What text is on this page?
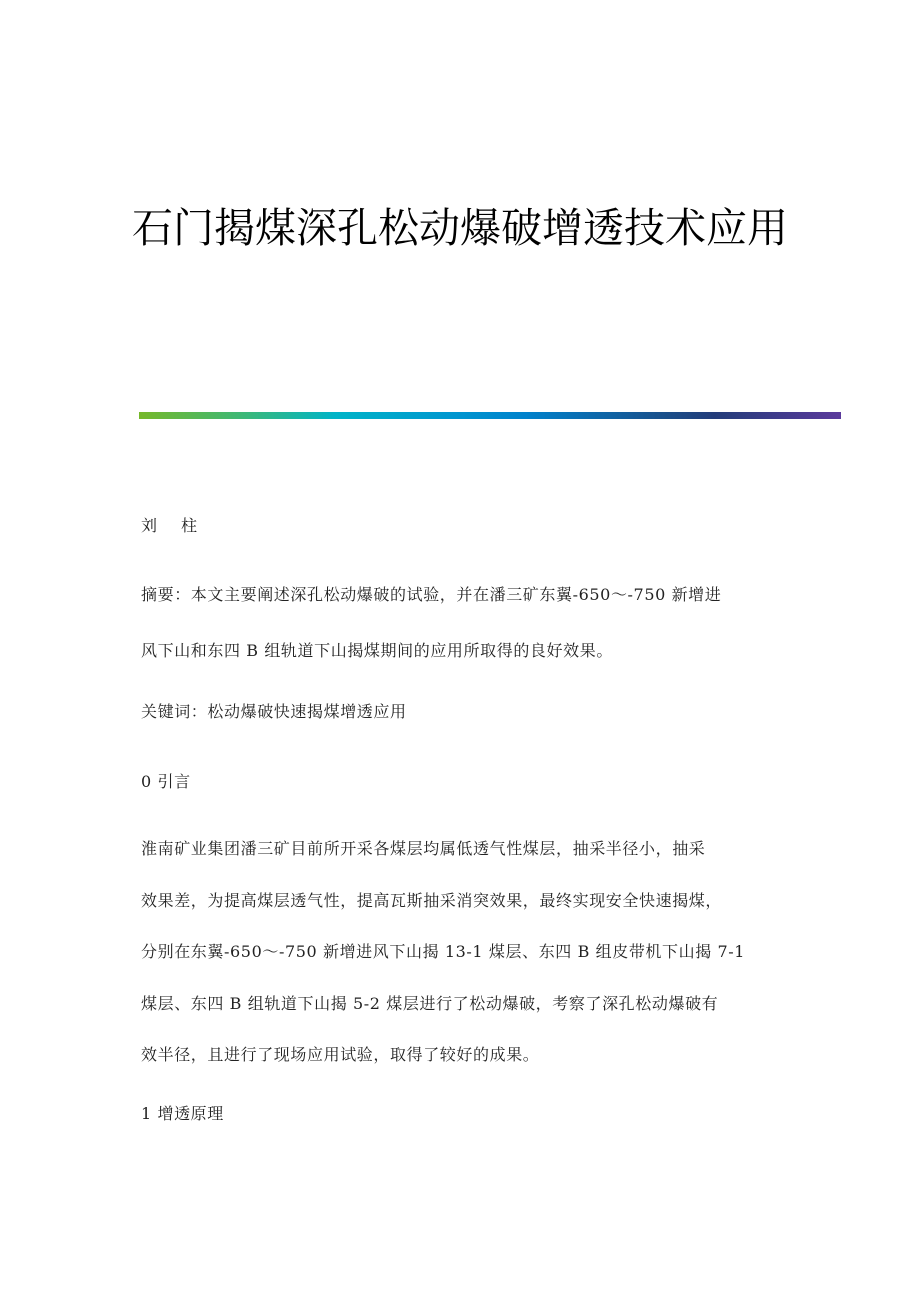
石门揭煤深孔松动爆破增透技术应用
刘 柱
摘要：本文主要阐述深孔松动爆破的试验，并在潘三矿东翼-650～-750 新增进
风下山和东四 B 组轨道下山揭煤期间的应用所取得的良好效果。
关键词：松动爆破快速揭煤增透应用
0 引言
淮南矿业集团潘三矿目前所开采各煤层均属低透气性煤层，抽采半径小，抽采
效果差，为提高煤层透气性，提高瓦斯抽采消突效果，最终实现安全快速揭煤，
分别在东翼-650～-750 新增进风下山揭 13-1 煤层、东四 B 组皮带机下山揭 7-1
煤层、东四 B 组轨道下山揭 5-2 煤层进行了松动爆破，考察了深孔松动爆破有
效半径，且进行了现场应用试验，取得了较好的成果。
1 增透原理
